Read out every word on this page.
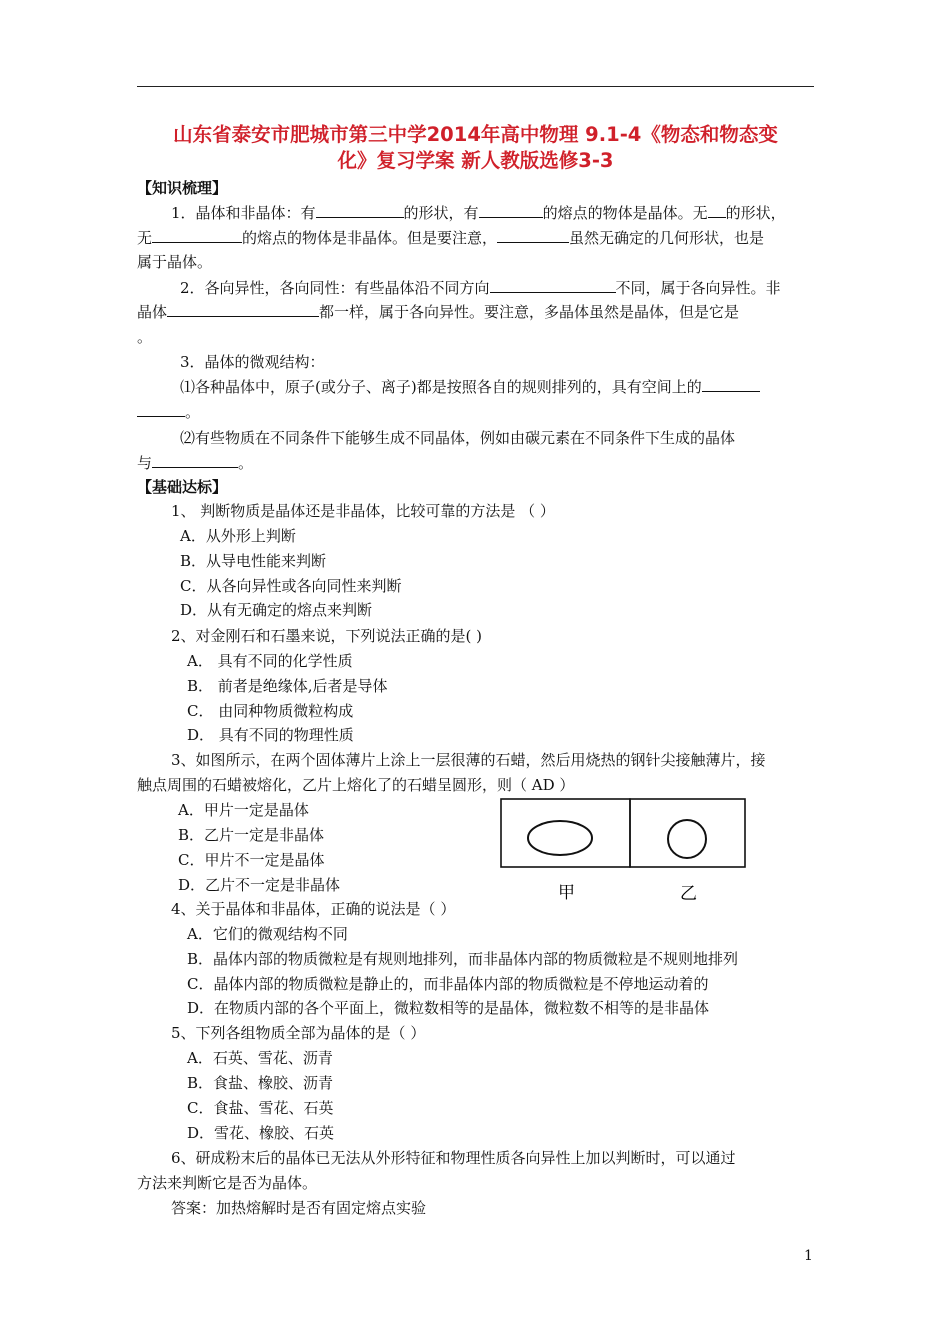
山东省泰安市肥城市第三中学2014年高中物理 9.1-4《物态和物态变
化》复习学案 新人教版选修3-3
【知识梳理】
1．晶体和非晶体：有	的形状，有	的熔点的物体是晶体。无 的形状，
无	的熔点的物体是非晶体。但是要注意，	虽然无确定的几何形状，也是
属于晶体。
2．各向异性，各向同性：有些晶体沿不同方向	不同，属于各向异性。非
晶体	都一样，属于各向异性。要注意，多晶体虽然是晶体，但是它是
。
3．晶体的微观结构：
⑴各种晶体中，原子(或分子、离子)都是按照各自的规则排列的，具有空间上的
。
⑵有些物质在不同条件下能够生成不同晶体，例如由碳元素在不同条件下生成的晶体
与	。
【基础达标】
1、 判断物质是晶体还是非晶体，比较可靠的方法是 （ ）
A．从外形上判断
B．从导电性能来判断
C．从各向异性或各向同性来判断
D．从有无确定的熔点来判断
2、对金刚石和石墨来说，下列说法正确的是( )
A． 具有不同的化学性质
B． 前者是绝缘体,后者是导体
C． 由同种物质微粒构成
D． 具有不同的物理性质
3、如图所示，在两个固体薄片上涂上一层很薄的石蜡，然后用烧热的钢针尖接触薄片，接
触点周围的石蜡被熔化，乙片上熔化了的石蜡呈圆形，则（ AD ）
A．甲片一定是晶体
B．乙片一定是非晶体
C．甲片不一定是晶体
D．乙片不一定是非晶体	甲	乙
4、关于晶体和非晶体，正确的说法是（ ）
A．它们的微观结构不同
B．晶体内部的物质微粒是有规则地排列，而非晶体内部的物质微粒是不规则地排列
C．晶体内部的物质微粒是静止的，而非晶体内部的物质微粒是不停地运动着的
D．在物质内部的各个平面上，微粒数相等的是晶体，微粒数不相等的是非晶体
5、下列各组物质全部为晶体的是（ ）
A．石英、雪花、沥青
B．食盐、橡胶、沥青
C．食盐、雪花、石英
D．雪花、橡胶、石英
6、研成粉末后的晶体已无法从外形特征和物理性质各向异性上加以判断时，可以通过
方法来判断它是否为晶体。
答案：加热熔解时是否有固定熔点实验
1
